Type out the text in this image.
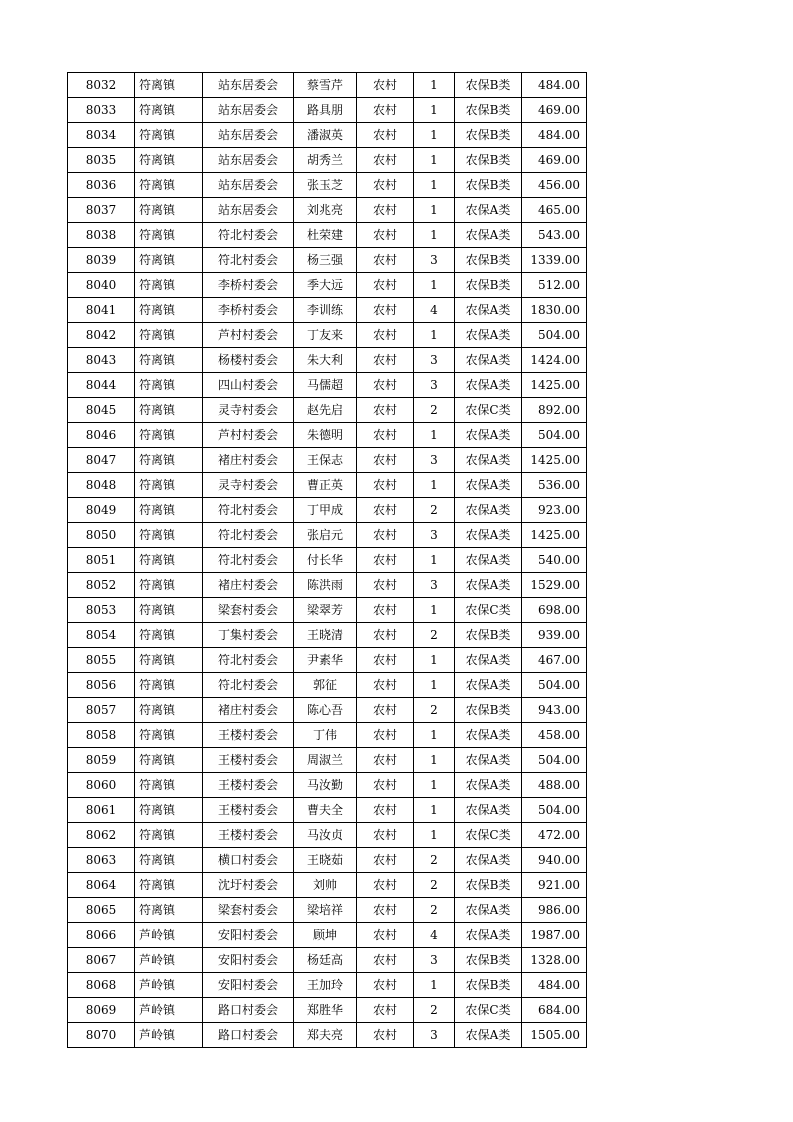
8032	符离镇	站东居委会	蔡雪芹	农村	1	农保B类	484.00
8033	符离镇	站东居委会	路具朋	农村	1	农保B类	469.00
8034	符离镇	站东居委会	潘淑英	农村	1	农保B类	484.00
8035	符离镇	站东居委会	胡秀兰	农村	1	农保B类	469.00
8036	符离镇	站东居委会	张玉芝	农村	1	农保B类	456.00
8037	符离镇	站东居委会	刘兆亮	农村	1	农保A类	465.00
8038	符离镇	符北村委会	杜荣建	农村	1	农保A类	543.00
8039	符离镇	符北村委会	杨三强	农村	3	农保B类	1339.00
8040	符离镇	李桥村委会	季大远	农村	1	农保B类	512.00
8041	符离镇	李桥村委会	李训练	农村	4	农保A类	1830.00
8042	符离镇	芦村村委会	丁友来	农村	1	农保A类	504.00
8043	符离镇	杨楼村委会	朱大利	农村	3	农保A类	1424.00
8044	符离镇	四山村委会	马儒超	农村	3	农保A类	1425.00
8045	符离镇	灵寺村委会	赵先启	农村	2	农保C类	892.00
8046	符离镇	芦村村委会	朱德明	农村	1	农保A类	504.00
8047	符离镇	褚庄村委会	王保志	农村	3	农保A类	1425.00
8048	符离镇	灵寺村委会	曹正英	农村	1	农保A类	536.00
8049	符离镇	符北村委会	丁甲成	农村	2	农保A类	923.00
8050	符离镇	符北村委会	张启元	农村	3	农保A类	1425.00
8051	符离镇	符北村委会	付长华	农村	1	农保A类	540.00
8052	符离镇	褚庄村委会	陈洪雨	农村	3	农保A类	1529.00
8053	符离镇	梁套村委会	梁翠芳	农村	1	农保C类	698.00
8054	符离镇	丁集村委会	王晓清	农村	2	农保B类	939.00
8055	符离镇	符北村委会	尹素华	农村	1	农保A类	467.00
8056	符离镇	符北村委会	郭征	农村	1	农保A类	504.00
8057	符离镇	褚庄村委会	陈心吾	农村	2	农保B类	943.00
8058	符离镇	王楼村委会	丁伟	农村	1	农保A类	458.00
8059	符离镇	王楼村委会	周淑兰	农村	1	农保A类	504.00
8060	符离镇	王楼村委会	马汝勤	农村	1	农保A类	488.00
8061	符离镇	王楼村委会	曹夫全	农村	1	农保A类	504.00
8062	符离镇	王楼村委会	马汝贞	农村	1	农保C类	472.00
8063	符离镇	横口村委会	王晓茹	农村	2	农保A类	940.00
8064	符离镇	沈圩村委会	刘帅	农村	2	农保B类	921.00
8065	符离镇	梁套村委会	梁培祥	农村	2	农保A类	986.00
8066	芦岭镇	安阳村委会	顾坤	农村	4	农保A类	1987.00
8067	芦岭镇	安阳村委会	杨廷高	农村	3	农保B类	1328.00
8068	芦岭镇	安阳村委会	王加玲	农村	1	农保B类	484.00
8069	芦岭镇	路口村委会	郑胜华	农村	2	农保C类	684.00
8070	芦岭镇	路口村委会	郑夫亮	农村	3	农保A类	1505.00
